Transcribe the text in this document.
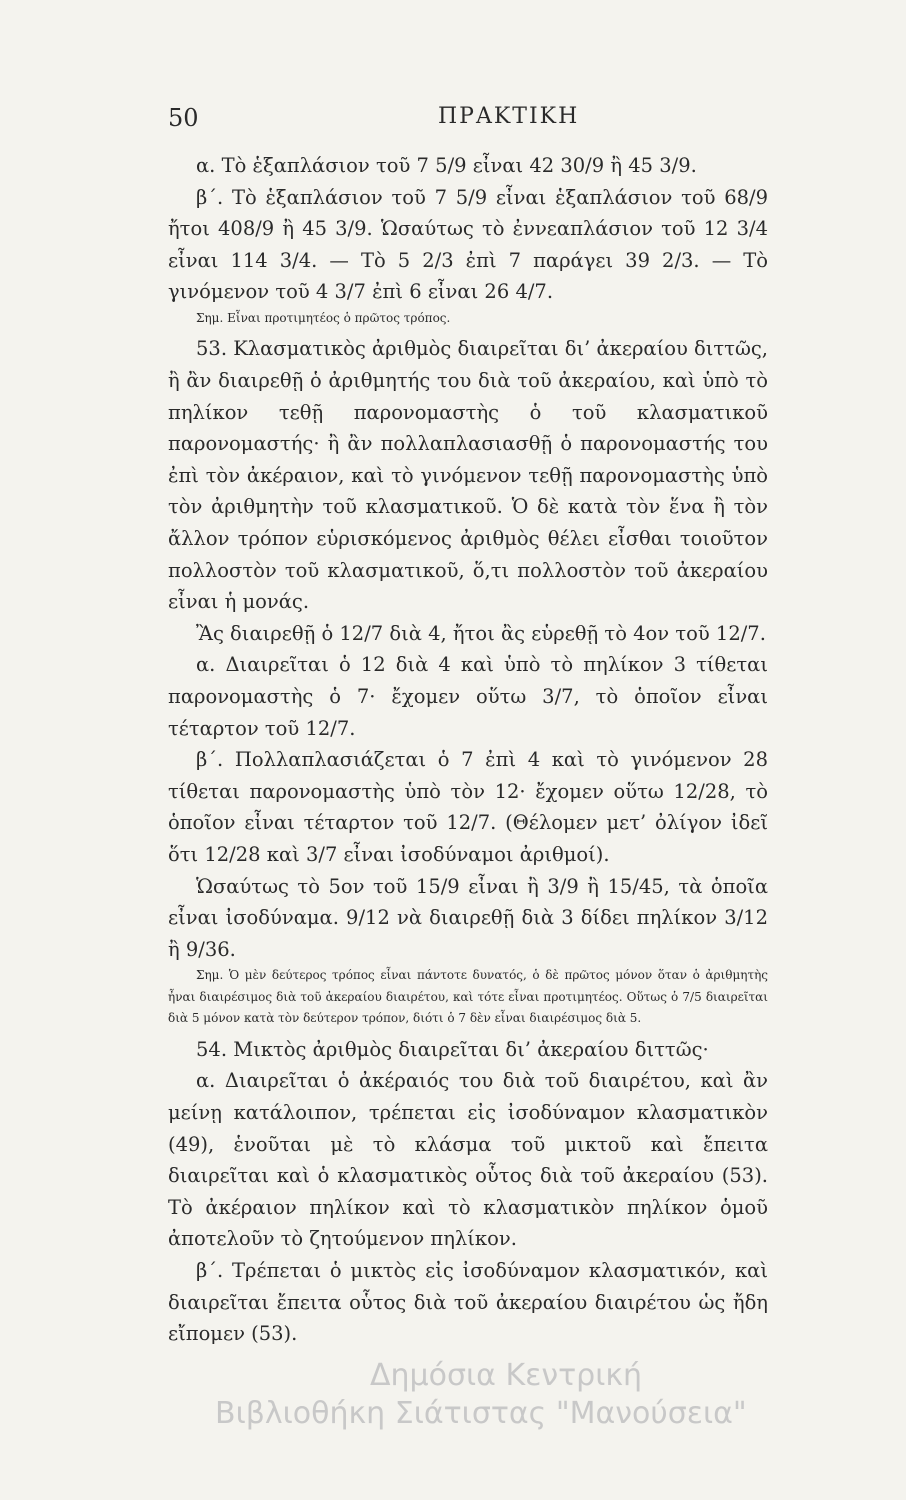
50	ΠΡΑΚΤΙΚΗ

α. Τὸ ἑξαπλάσιον τοῦ 7 5/9 εἶναι 42 30/9 ἢ 45 3/9.

β΄. Τὸ ἑξαπλάσιον τοῦ 7 5/9 εἶναι ἑξαπλάσιον τοῦ 68/9 ἤτοι 408/9 ἢ 45 3/9. Ὡσαύτως τὸ ἐννεαπλάσιον τοῦ 12 3/4 εἶναι 114 3/4. — Τὸ 5 2/3 ἐπὶ 7 παράγει 39 2/3. — Τὸ γινόμενον τοῦ 4 3/7 ἐπὶ 6 εἶναι 26 4/7.

Σημ. Εἶναι προτιμητέος ὁ πρῶτος τρόπος.

53. Κλασματικὸς ἀριθμὸς διαιρεῖται δι’ ἀκεραίου διττῶς, ἢ ἂν διαιρεθῇ ὁ ἀριθμητής του διὰ τοῦ ἀκεραίου, καὶ ὑπὸ τὸ πηλίκον τεθῇ παρονομαστὴς ὁ τοῦ κλασματικοῦ παρονομαστής· ἢ ἂν πολλαπλασιασθῇ ὁ παρονομαστής του ἐπὶ τὸν ἀκέραιον, καὶ τὸ γινόμενον τεθῇ παρονομαστὴς ὑπὸ τὸν ἀριθμητὴν τοῦ κλασματικοῦ. Ὁ δὲ κατὰ τὸν ἕνα ἢ τὸν ἄλλον τρόπον εὑρισκόμενος ἀριθμὸς θέλει εἶσθαι τοιοῦτον πολλοστὸν τοῦ κλασματικοῦ, ὅ,τι πολλοστὸν τοῦ ἀκεραίου εἶναι ἡ μονάς.

Ἂς διαιρεθῇ ὁ 12/7 διὰ 4, ἤτοι ἂς εὑρεθῇ τὸ 4ον τοῦ 12/7.

α. Διαιρεῖται ὁ 12 διὰ 4 καὶ ὑπὸ τὸ πηλίκον 3 τίθεται παρονομαστὴς ὁ 7· ἔχομεν οὕτω 3/7, τὸ ὁποῖον εἶναι τέταρτον τοῦ 12/7.

β΄. Πολλαπλασιάζεται ὁ 7 ἐπὶ 4 καὶ τὸ γινόμενον 28 τίθεται παρονομαστὴς ὑπὸ τὸν 12· ἔχομεν οὕτω 12/28, τὸ ὁποῖον εἶναι τέταρτον τοῦ 12/7. (Θέλομεν μετ’ ὀλίγον ἰδεῖ ὅτι 12/28 καὶ 3/7 εἶναι ἰσοδύναμοι ἀριθμοί).

Ὡσαύτως τὸ 5ον τοῦ 15/9 εἶναι ἢ 3/9 ἢ 15/45, τὰ ὁποῖα εἶναι ἰσοδύναμα. 9/12 νὰ διαιρεθῇ διὰ 3 δίδει πηλίκον 3/12 ἢ 9/36.

Σημ. Ὁ μὲν δεύτερος τρόπος εἶναι πάντοτε δυνατός, ὁ δὲ πρῶτος μόνον ὅταν ὁ ἀριθμητὴς ἦναι διαιρέσιμος διὰ τοῦ ἀκεραίου διαιρέτου, καὶ τότε εἶναι προτιμητέος. Οὕτως ὁ 7/5 διαιρεῖται διὰ 5 μόνον κατὰ τὸν δεύτερον τρόπον, διότι ὁ 7 δὲν εἶναι διαιρέσιμος διὰ 5.

54. Μικτὸς ἀριθμὸς διαιρεῖται δι’ ἀκεραίου διττῶς·

α. Διαιρεῖται ὁ ἀκέραιός του διὰ τοῦ διαιρέτου, καὶ ἂν μείνῃ κατάλοιπον, τρέπεται εἰς ἰσοδύναμον κλασματικὸν (49), ἑνοῦται μὲ τὸ κλάσμα τοῦ μικτοῦ καὶ ἔπειτα διαιρεῖται καὶ ὁ κλασματικὸς οὗτος διὰ τοῦ ἀκεραίου (53). Τὸ ἀκέραιον πηλίκον καὶ τὸ κλασματικὸν πηλίκον ὁμοῦ ἀποτελοῦν τὸ ζητούμενον πηλίκον.

β΄. Τρέπεται ὁ μικτὸς εἰς ἰσοδύναμον κλασματικόν, καὶ διαιρεῖται ἔπειτα οὗτος διὰ τοῦ ἀκεραίου διαιρέτου ὡς ἤδη εἴπομεν (53).

Δημόσια Κεντρική
Βιβλιοθήκη Σιάτιστας "Μανούσεια"
